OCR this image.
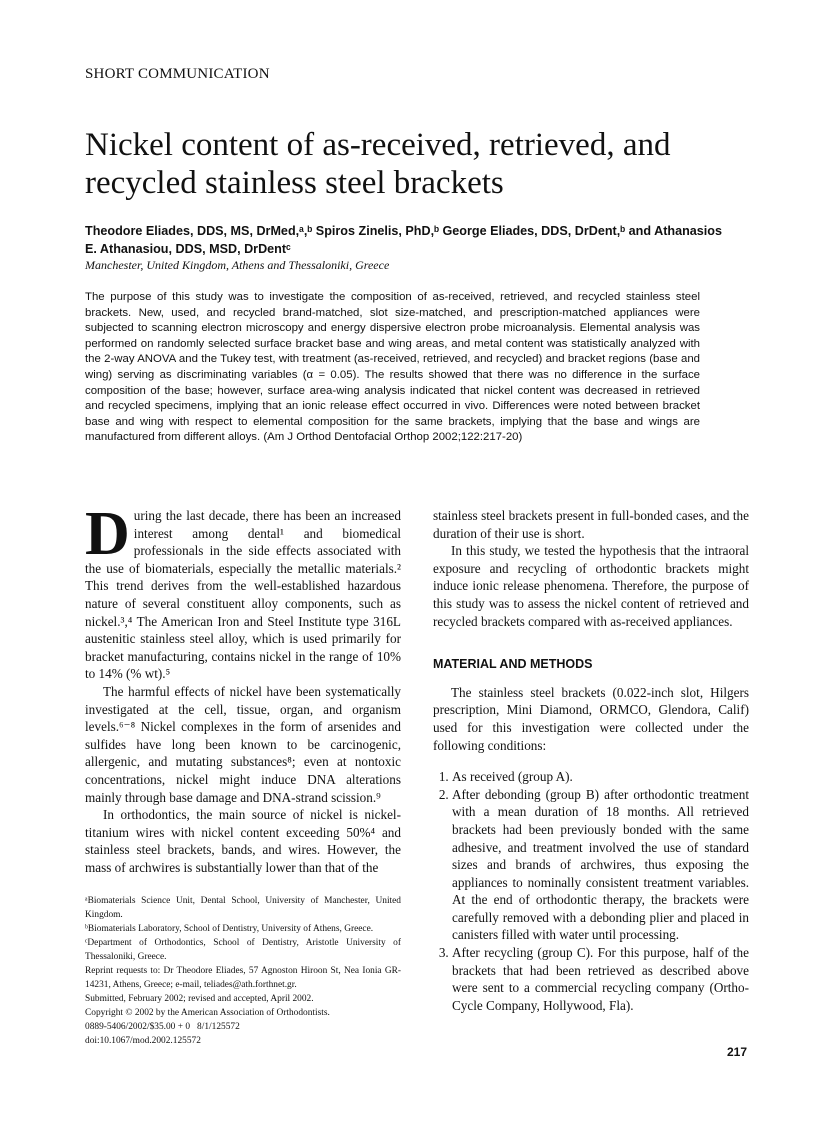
SHORT COMMUNICATION
Nickel content of as-received, retrieved, and recycled stainless steel brackets
Theodore Eliades, DDS, MS, DrMed,ᵃ,ᵇ Spiros Zinelis, PhD,ᵇ George Eliades, DDS, DrDent,ᵇ and Athanasios E. Athanasiou, DDS, MSD, DrDentᶜ
Manchester, United Kingdom, Athens and Thessaloniki, Greece
The purpose of this study was to investigate the composition of as-received, retrieved, and recycled stainless steel brackets. New, used, and recycled brand-matched, slot size-matched, and prescription-matched appliances were subjected to scanning electron microscopy and energy dispersive electron probe microanalysis. Elemental analysis was performed on randomly selected surface bracket base and wing areas, and metal content was statistically analyzed with the 2-way ANOVA and the Tukey test, with treatment (as-received, retrieved, and recycled) and bracket regions (base and wing) serving as discriminating variables (α = 0.05). The results showed that there was no difference in the surface composition of the base; however, surface area-wing analysis indicated that nickel content was decreased in retrieved and recycled specimens, implying that an ionic release effect occurred in vivo. Differences were noted between bracket base and wing with respect to elemental composition for the same brackets, implying that the base and wings are manufactured from different alloys. (Am J Orthod Dentofacial Orthop 2002;122:217-20)

During the last decade, there has been an increased interest among dental¹ and biomedical professionals in the side effects associated with the use of biomaterials, especially the metallic materials.² This trend derives from the well-established hazardous nature of several constituent alloy components, such as nickel.³,⁴ The American Iron and Steel Institute type 316L austenitic stainless steel alloy, which is used primarily for bracket manufacturing, contains nickel in the range of 10% to 14% (% wt).⁵

The harmful effects of nickel have been systematically investigated at the cell, tissue, organ, and organism levels.⁶⁻⁸ Nickel complexes in the form of arsenides and sulfides have long been known to be carcinogenic, allergenic, and mutating substances⁸; even at nontoxic concentrations, nickel might induce DNA alterations mainly through base damage and DNA-strand scission.⁹

In orthodontics, the main source of nickel is nickel-titanium wires with nickel content exceeding 50%⁴ and stainless steel brackets, bands, and wires. However, the mass of archwires is substantially lower than that of the

stainless steel brackets present in full-bonded cases, and the duration of their use is short.

In this study, we tested the hypothesis that the intraoral exposure and recycling of orthodontic brackets might induce ionic release phenomena. Therefore, the purpose of this study was to assess the nickel content of retrieved and recycled brackets compared with as-received appliances.

MATERIAL AND METHODS

The stainless steel brackets (0.022-inch slot, Hilgers prescription, Mini Diamond, ORMCO, Glendora, Calif) used for this investigation were collected under the following conditions:

1. As received (group A).
2. After debonding (group B) after orthodontic treatment with a mean duration of 18 months. All retrieved brackets had been previously bonded with the same adhesive, and treatment involved the use of standard sizes and brands of archwires, thus exposing the appliances to nominally consistent treatment variables. At the end of orthodontic therapy, the brackets were carefully removed with a debonding plier and placed in canisters filled with water until processing.
3. After recycling (group C). For this purpose, half of the brackets that had been retrieved as described above were sent to a commercial recycling company (Ortho-Cycle Company, Hollywood, Fla).
ᵃBiomaterials Science Unit, Dental School, University of Manchester, United Kingdom.
ᵇBiomaterials Laboratory, School of Dentistry, University of Athens, Greece.
ᶜDepartment of Orthodontics, School of Dentistry, Aristotle University of Thessaloniki, Greece.
Reprint requests to: Dr Theodore Eliades, 57 Agnoston Hiroon St, Nea Ionia GR-14231, Athens, Greece; e-mail, teliades@ath.forthnet.gr.
Submitted, February 2002; revised and accepted, April 2002.
Copyright © 2002 by the American Association of Orthodontists.
0889-5406/2002/$35.00 + 0   8/1/125572
doi:10.1067/mod.2002.125572
217
